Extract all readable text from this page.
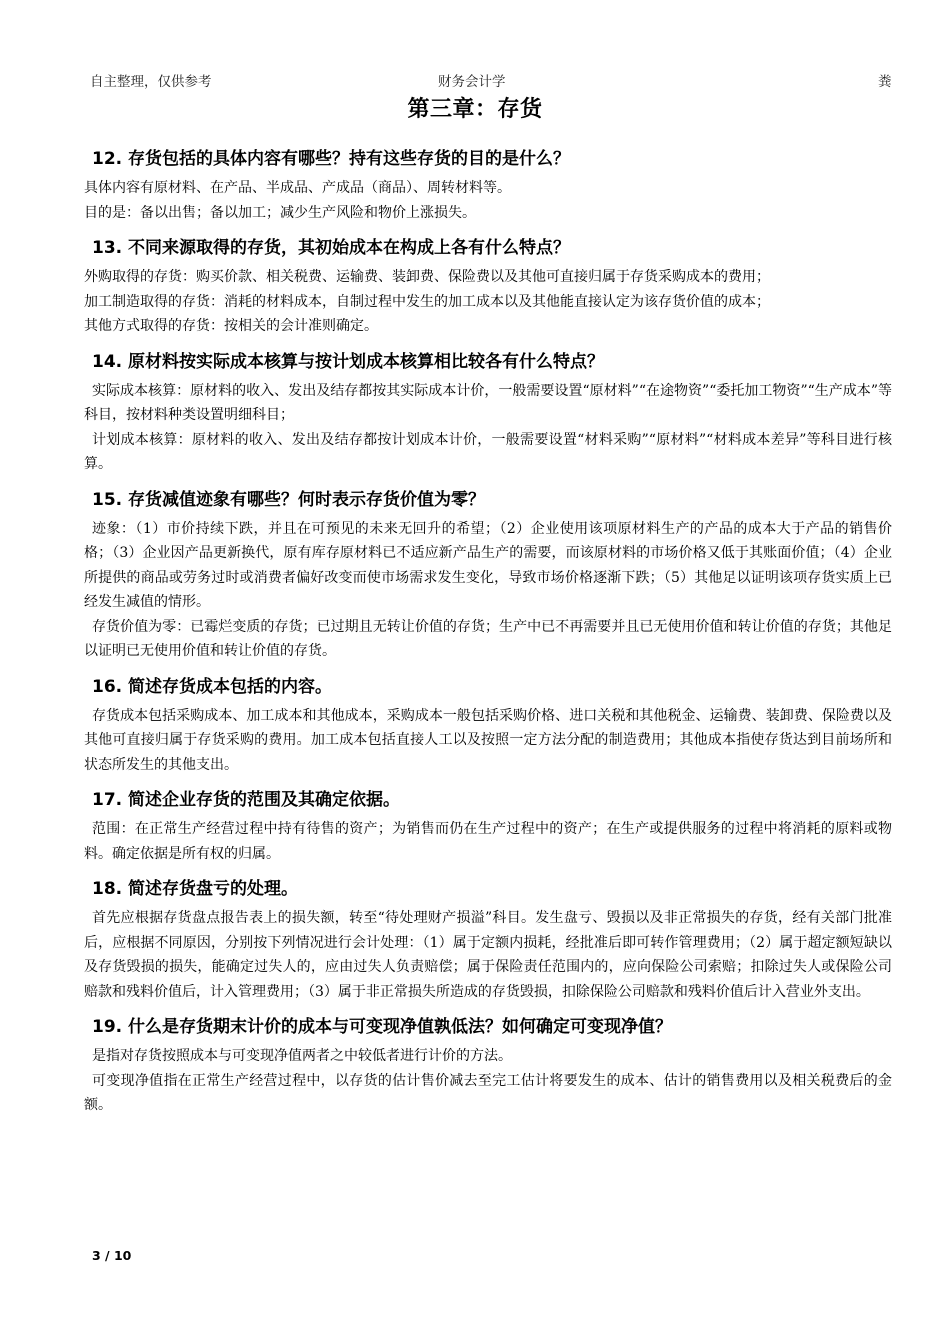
自主整理，仅供参考	财务会计学	粪
第三章：存货

12. 存货包括的具体内容有哪些？持有这些存货的目的是什么？

具体内容有原材料、在产品、半成品、产成品（商品）、周转材料等。

目的是：备以出售；备以加工；减少生产风险和物价上涨损失。

13. 不同来源取得的存货，其初始成本在构成上各有什么特点？

外购取得的存货：购买价款、相关税费、运输费、装卸费、保险费以及其他可直接归属于存货采购成本的费用；

加工制造取得的存货：消耗的材料成本，自制过程中发生的加工成本以及其他能直接认定为该存货价值的成本；

其他方式取得的存货：按相关的会计准则确定。

14. 原材料按实际成本核算与按计划成本核算相比较各有什么特点？

实际成本核算：原材料的收入、发出及结存都按其实际成本计价，一般需要设置“原材料”“在途物资”“委托加工物资”“生产成本”等科目，按材料种类设置明细科目；

计划成本核算：原材料的收入、发出及结存都按计划成本计价，一般需要设置“材料采购”“原材料”“材料成本差异”等科目进行核算。

15. 存货减值迹象有哪些？何时表示存货价值为零？

迹象：（1）市价持续下跌，并且在可预见的未来无回升的希望；（2）企业使用该项原材料生产的产品的成本大于产品的销售价格；（3）企业因产品更新换代，原有库存原材料已不适应新产品生产的需要，而该原材料的市场价格又低于其账面价值；（4）企业所提供的商品或劳务过时或消费者偏好改变而使市场需求发生变化，导致市场价格逐渐下跌；（5）其他足以证明该项存货实质上已经发生减值的情形。

存货价值为零：已霉烂变质的存货；已过期且无转让价值的存货；生产中已不再需要并且已无使用价值和转让价值的存货；其他足以证明已无使用价值和转让价值的存货。

16. 简述存货成本包括的内容。

存货成本包括采购成本、加工成本和其他成本，采购成本一般包括采购价格、进口关税和其他税金、运输费、装卸费、保险费以及其他可直接归属于存货采购的费用。加工成本包括直接人工以及按照一定方法分配的制造费用；其他成本指使存货达到目前场所和状态所发生的其他支出。

17. 简述企业存货的范围及其确定依据。

范围：在正常生产经营过程中持有待售的资产；为销售而仍在生产过程中的资产；在生产或提供服务的过程中将消耗的原料或物料。确定依据是所有权的归属。

18. 简述存货盘亏的处理。

首先应根据存货盘点报告表上的损失额，转至“待处理财产损溢”科目。发生盘亏、毁损以及非正常损失的存货，经有关部门批准后，应根据不同原因，分别按下列情况进行会计处理：（1）属于定额内损耗，经批准后即可转作管理费用；（2）属于超定额短缺以及存货毁损的损失，能确定过失人的，应由过失人负责赔偿；属于保险责任范围内的，应向保险公司索赔；扣除过失人或保险公司赔款和残料价值后，计入管理费用；（3）属于非正常损失所造成的存货毁损，扣除保险公司赔款和残料价值后计入营业外支出。

19. 什么是存货期末计价的成本与可变现净值孰低法？如何确定可变现净值？

是指对存货按照成本与可变现净值两者之中较低者进行计价的方法。

可变现净值指在正常生产经营过程中，以存货的估计售价减去至完工估计将要发生的成本、估计的销售费用以及相关税费后的金额。

3 / 10
